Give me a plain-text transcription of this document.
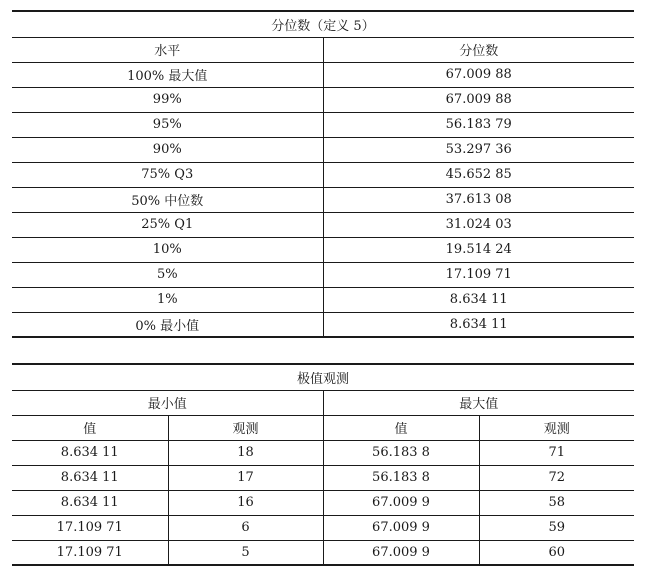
分位数（定义 5）	
水平	分位数
100% 最大值	67.009 88
99%	67.009 88
95%	56.183 79
90%	53.297 36
75% Q3	45.652 85
50% 中位数	37.613 08
25% Q1	31.024 03
10%	19.514 24
5%	17.109 71
1%	8.634 11
0% 最小值	8.634 11
极值观测			
最小值		最大值	
值	观测	值	观测
8.634 11	18	56.183 8	71
8.634 11	17	56.183 8	72
8.634 11	16	67.009 9	58
17.109 71	6	67.009 9	59
17.109 71	5	67.009 9	60
